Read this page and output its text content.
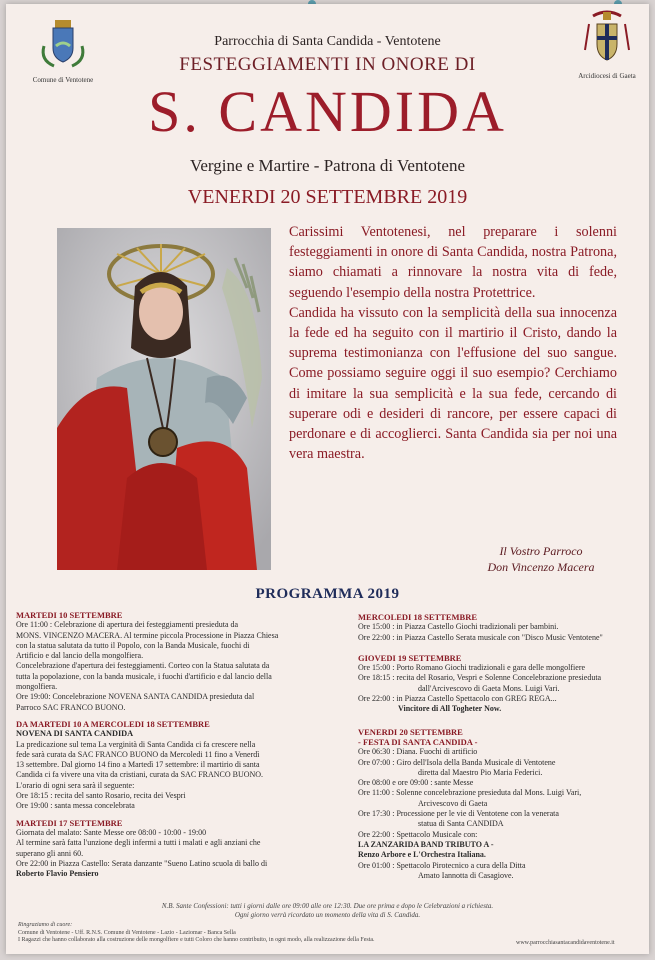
Comune di Ventotene	Arcidiocesi di Gaeta
Parrocchia di Santa Candida - Ventotene
FESTEGGIAMENTI IN ONORE DI
S. CANDIDA
Vergine e Martire - Patrona di Ventotene
VENERDI 20 SETTEMBRE 2019

Carissimi Ventotenesi, nel preparare i solenni festeggiamenti in onore di Santa Candida, nostra Patrona, siamo chiamati a rinnovare la nostra vita di fede, seguendo l'esempio della nostra Protettrice.

Candida ha vissuto con la semplicità della sua innocenza la fede ed ha seguito con il martirio il Cristo, dando la suprema testimonianza con l'effusione del suo sangue. Come possiamo seguire oggi il suo esempio? Cerchiamo di imitare la sua semplicità e la sua fede, cercando di superare odi e desideri di rancore, per essere capaci di perdonare e di accoglierci. Santa Candida sia per noi una vera maestra.

Il Vostro Parroco
Don Vincenzo Macera
PROGRAMMA 2019
MARTEDI 10 SETTEMBRE
Ore 11:00 : Celebrazione di apertura dei festeggiamenti presieduta da
MONS. VINCENZO MACERA. Al termine piccola Processione in Piazza Chiesa
con la statua salutata da tutto il Popolo, con la Banda Musicale, fuochi di
Artificio e dal lancio della mongolfiera.
Concelebrazione d'apertura dei festeggiamenti. Corteo con la Statua salutata da
tutta la popolazione, con la banda musicale, i fuochi d'artificio e dal lancio della
mongolfiera.
Ore 19:00: Concelebrazione NOVENA SANTA CANDIDA presieduta dal
Parroco SAC FRANCO BUONO.
DA MARTEDI 10 A MERCOLEDI 18 SETTEMBRE
NOVENA DI SANTA CANDIDA
La predicazione sul tema La verginità di Santa Candida ci fa crescere nella
fede sarà curata da SAC FRANCO BUONO da Mercoledi 11 fino a Venerdì
13 settembre. Dal giorno 14 fino a Martedì 17 settembre: il martirio di santa
Candida ci fa vivere una vita da cristiani, curata da SAC FRANCO BUONO.
L'orario di ogni sera sarà il seguente:
Ore 18:15 : recita del santo Rosario, recita dei Vespri
Ore 19:00 : santa messa concelebrata
MARTEDI 17 SETTEMBRE
Giornata del malato: Sante Messe ore 08:00 - 10:00 - 19:00
Al termine sarà fatta l'unzione degli infermi a tutti i malati e agli anziani che
superano gli anni 60.
Ore 22:00 in Piazza Castello: Serata danzante "Sueno Latino scuola di ballo di
Roberto Flavio Pensiero
MERCOLEDI 18 SETTEMBRE
Ore 15:00 : in Piazza Castello Giochi tradizionali per bambini.
Ore 22:00 : in Piazza Castello Serata musicale con "Disco Music Ventotene"
GIOVEDI 19 SETTEMBRE
Ore 15:00 : Porto Romano Giochi tradizionali e gara delle mongolfiere
Ore 18:15 : recita del Rosario, Vespri e Solenne Concelebrazione presieduta
dall'Arcivescovo di Gaeta Mons. Luigi Vari.
Ore 22:00 : in Piazza Castello Spettacolo con GREG REGA...
Vincitore di All Togheter Now.
VENERDI 20 SETTEMBRE
- FESTA DI SANTA CANDIDA -
Ore 06:30 : Diana. Fuochi di artificio
Ore 07:00 : Giro dell'Isola della Banda Musicale di Ventotene
diretta dal Maestro Pio Maria Federici.
Ore 08:00 e ore 09:00 : sante Messe
Ore 11:00 : Solenne concelebrazione presieduta dal Mons. Luigi Vari,
Arcivescovo di Gaeta
Ore 17:30 : Processione per le vie di Ventotene con la venerata
statua di Santa CANDIDA
Ore 22:00 : Spettacolo Musicale con:
LA ZANZARIDA BAND TRIBUTO A -
Renzo Arbore e L'Orchestra Italiana.
Ore 01:00 : Spettacolo Pirotecnico a cura della Ditta
Amato Iannotta di Casagiove.
N.B. Sante Confessioni: tutti i giorni dalle ore 09:00 alle ore 12:30. Due ore prima e dopo le Celebrazioni a richiesta.
Ogni giorno verrà ricordato un momento della vita di S. Candida.
Ringraziamo di cuore:
Comune di Ventotene - Uff. R.N.S. Comune di Ventotene - Lazio - Laziomar - Banca Sella
I Ragazzi che hanno collaborato alla costruzione delle mongolfiere e tutti Coloro che hanno contribuito, in ogni modo, alla realizzazione della Festa.	www.parrocchiasantacandidaventotene.it
